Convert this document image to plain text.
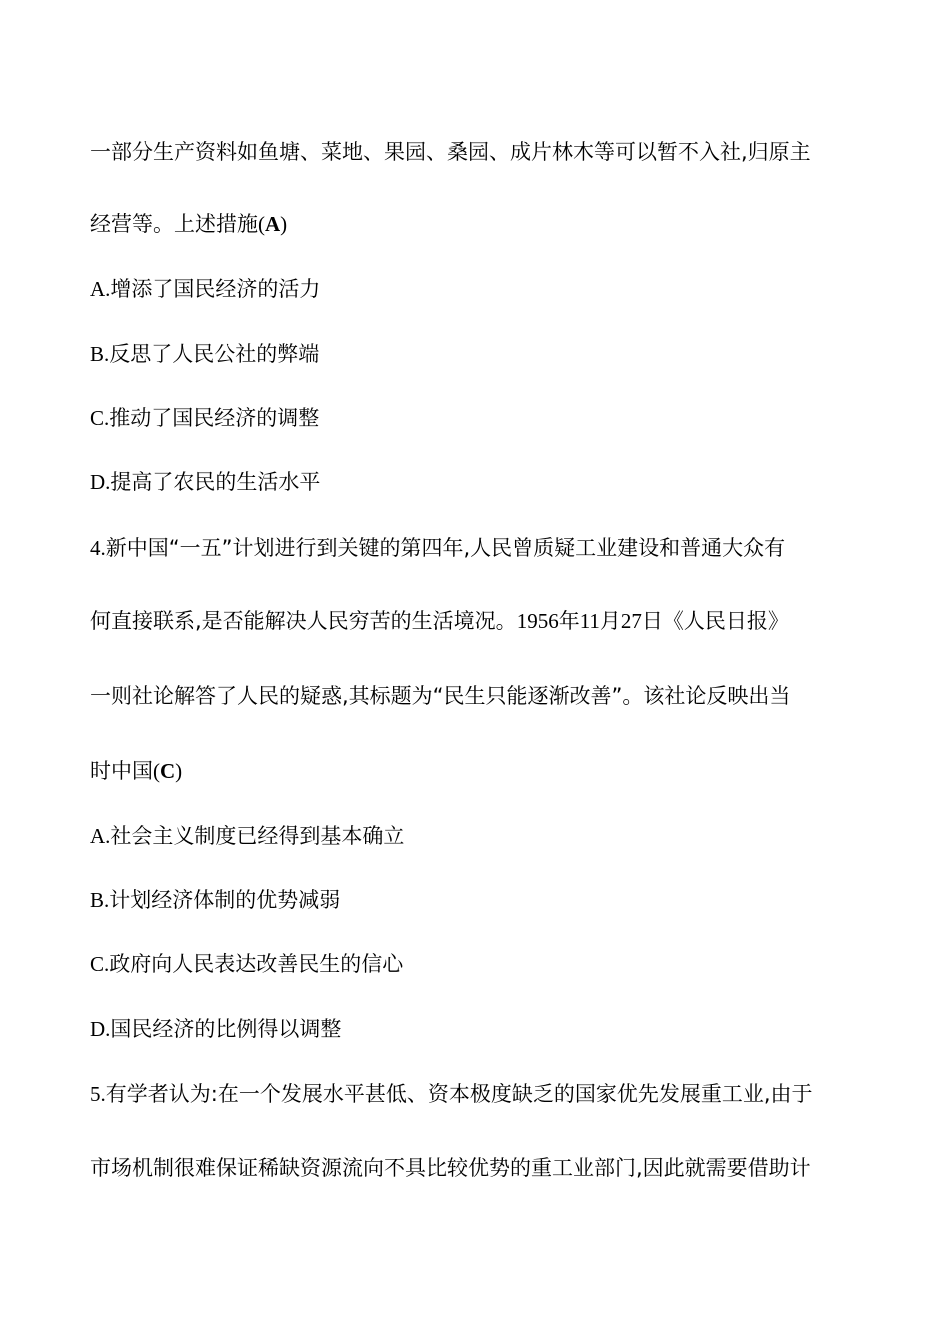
一部分生产资料如鱼塘、菜地、果园、桑园、成片林木等可以暂不入社,归原主
经营等。上述措施(A)
A.增添了国民经济的活力
B.反思了人民公社的弊端
C.推动了国民经济的调整
D.提高了农民的生活水平
4.新中国“一五”计划进行到关键的第四年,人民曾质疑工业建设和普通大众有
何直接联系,是否能解决人民穷苦的生活境况。1956年11月27日《人民日报》
一则社论解答了人民的疑惑,其标题为“民生只能逐渐改善”。该社论反映出当
时中国(C)
A.社会主义制度已经得到基本确立
B.计划经济体制的优势减弱
C.政府向人民表达改善民生的信心
D.国民经济的比例得以调整
5.有学者认为:在一个发展水平甚低、资本极度缺乏的国家优先发展重工业,由于
市场机制很难保证稀缺资源流向不具比较优势的重工业部门,因此就需要借助计
